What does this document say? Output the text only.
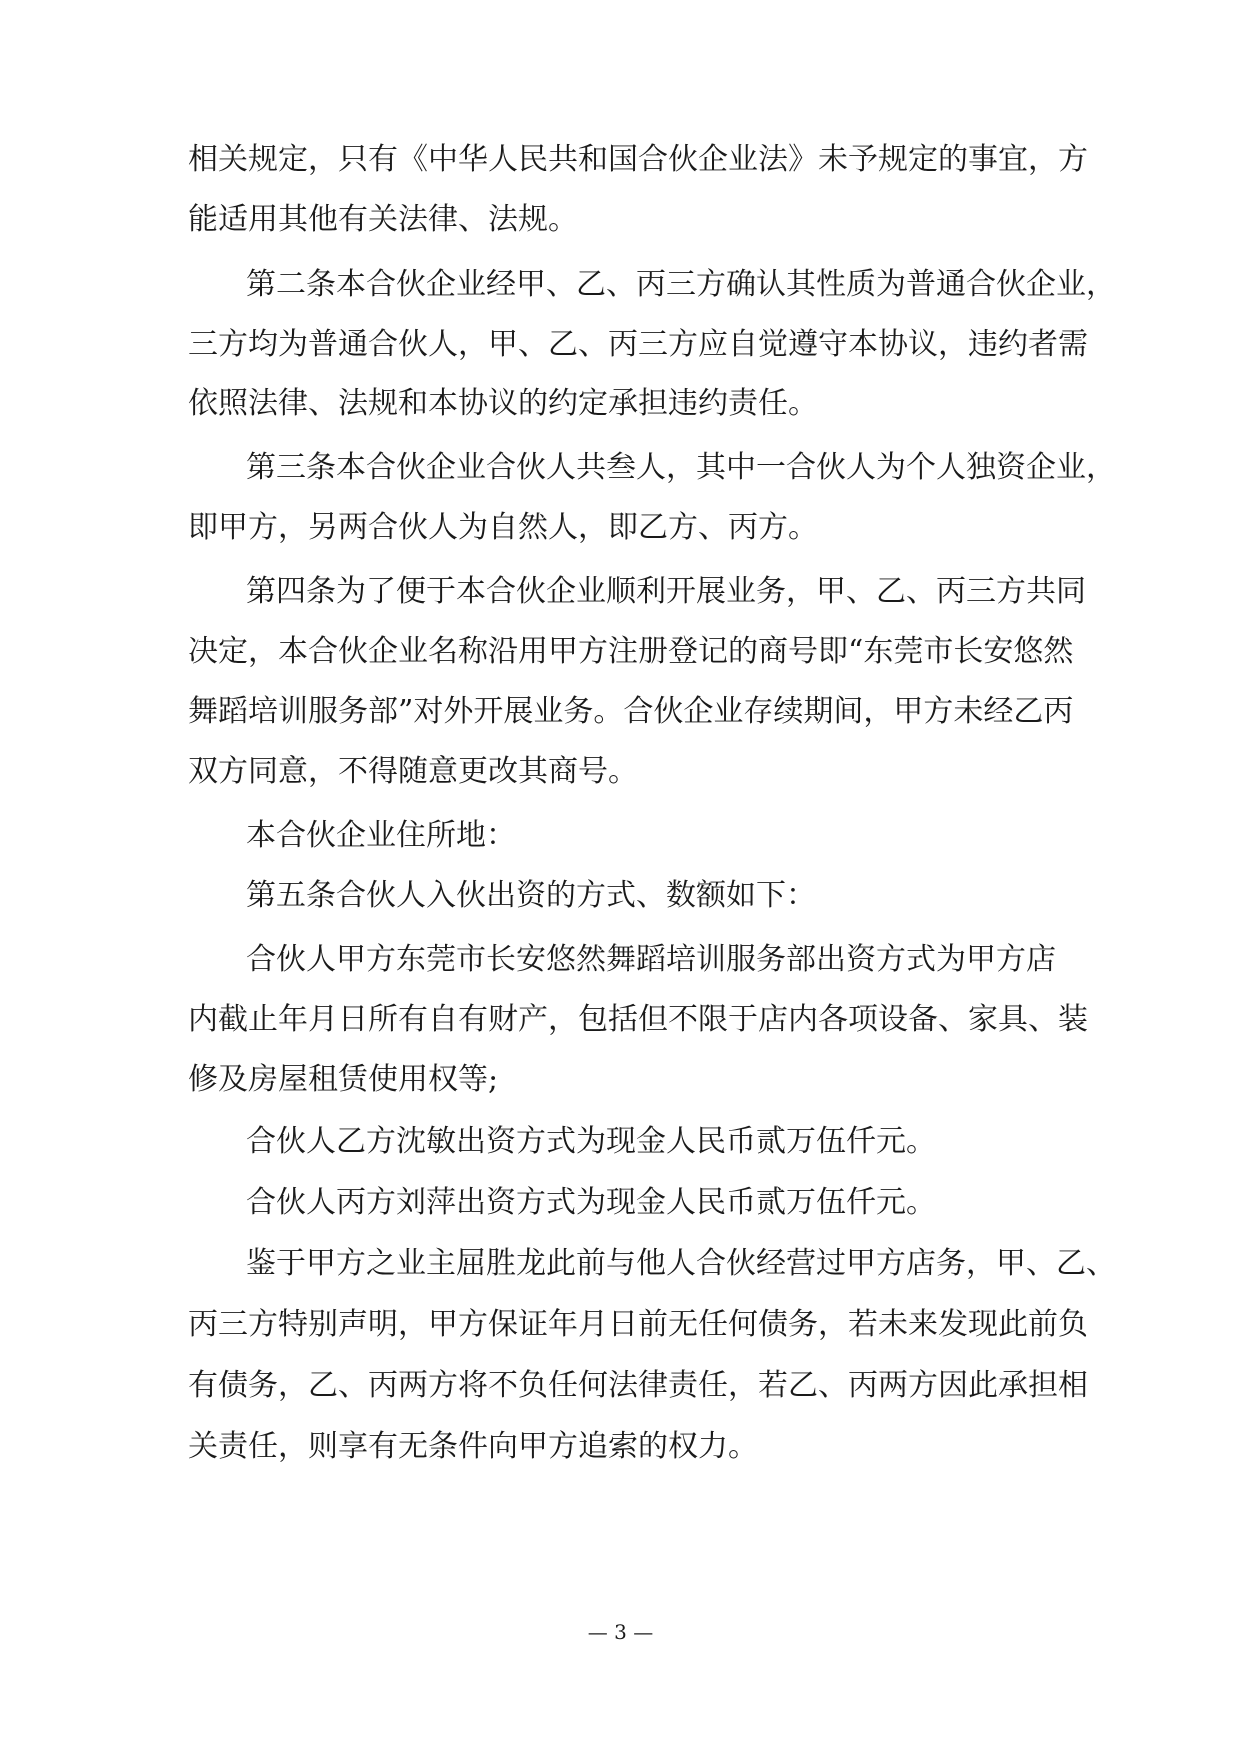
相关规定，只有《中华人民共和国合伙企业法》未予规定的事宜，方
能适用其他有关法律、法规。
第二条本合伙企业经甲、乙、丙三方确认其性质为普通合伙企业，
三方均为普通合伙人，甲、乙、丙三方应自觉遵守本协议，违约者需
依照法律、法规和本协议的约定承担违约责任。
第三条本合伙企业合伙人共叁人，其中一合伙人为个人独资企业，
即甲方，另两合伙人为自然人，即乙方、丙方。
第四条为了便于本合伙企业顺利开展业务，甲、乙、丙三方共同
决定，本合伙企业名称沿用甲方注册登记的商号即“东莞市长安悠然
舞蹈培训服务部”对外开展业务。合伙企业存续期间，甲方未经乙丙
双方同意，不得随意更改其商号。
本合伙企业住所地：
第五条合伙人入伙出资的方式、数额如下：
合伙人甲方东莞市长安悠然舞蹈培训服务部出资方式为甲方店
内截止年月日所有自有财产，包括但不限于店内各项设备、家具、装
修及房屋租赁使用权等;
合伙人乙方沈敏出资方式为现金人民币贰万伍仟元。
合伙人丙方刘萍出资方式为现金人民币贰万伍仟元。
鉴于甲方之业主屈胜龙此前与他人合伙经营过甲方店务，甲、乙、
丙三方特别声明，甲方保证年月日前无任何债务，若未来发现此前负
有债务，乙、丙两方将不负任何法律责任，若乙、丙两方因此承担相
关责任，则享有无条件向甲方追索的权力。
— 3 —
